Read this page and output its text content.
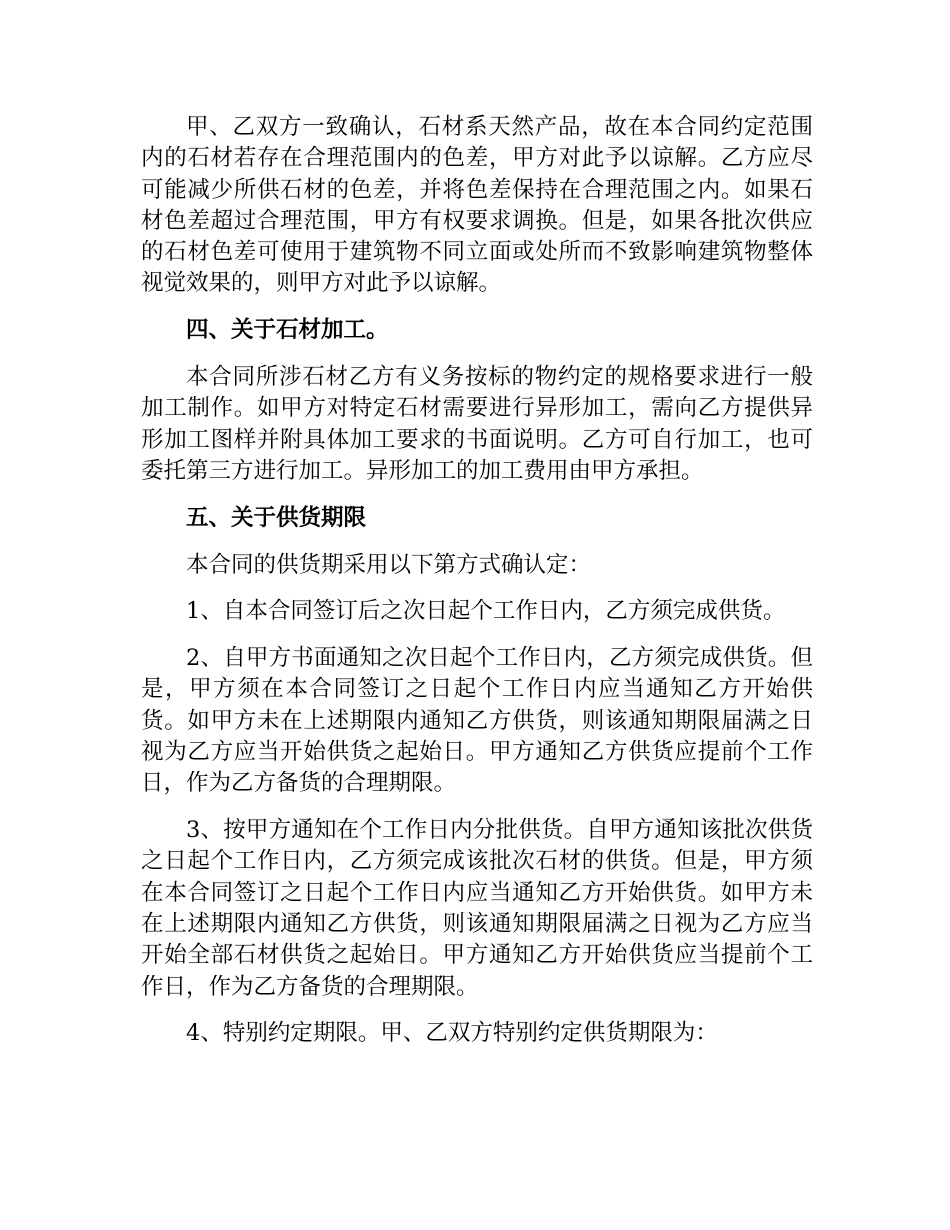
甲、乙双方一致确认，石材系天然产品，故在本合同约定范围内的石材若存在合理范围内的色差，甲方对此予以谅解。乙方应尽可能减少所供石材的色差，并将色差保持在合理范围之内。如果石材色差超过合理范围，甲方有权要求调换。但是，如果各批次供应的石材色差可使用于建筑物不同立面或处所而不致影响建筑物整体视觉效果的，则甲方对此予以谅解。

四、关于石材加工。

本合同所涉石材乙方有义务按标的物约定的规格要求进行一般加工制作。如甲方对特定石材需要进行异形加工，需向乙方提供异形加工图样并附具体加工要求的书面说明。乙方可自行加工，也可委托第三方进行加工。异形加工的加工费用由甲方承担。

五、关于供货期限

本合同的供货期采用以下第方式确认定：

1、自本合同签订后之次日起个工作日内，乙方须完成供货。

2、自甲方书面通知之次日起个工作日内，乙方须完成供货。但是，甲方须在本合同签订之日起个工作日内应当通知乙方开始供货。如甲方未在上述期限内通知乙方供货，则该通知期限届满之日视为乙方应当开始供货之起始日。甲方通知乙方供货应提前个工作日，作为乙方备货的合理期限。

3、按甲方通知在个工作日内分批供货。自甲方通知该批次供货之日起个工作日内，乙方须完成该批次石材的供货。但是，甲方须在本合同签订之日起个工作日内应当通知乙方开始供货。如甲方未在上述期限内通知乙方供货，则该通知期限届满之日视为乙方应当开始全部石材供货之起始日。甲方通知乙方开始供货应当提前个工作日，作为乙方备货的合理期限。

4、特别约定期限。甲、乙双方特别约定供货期限为：
